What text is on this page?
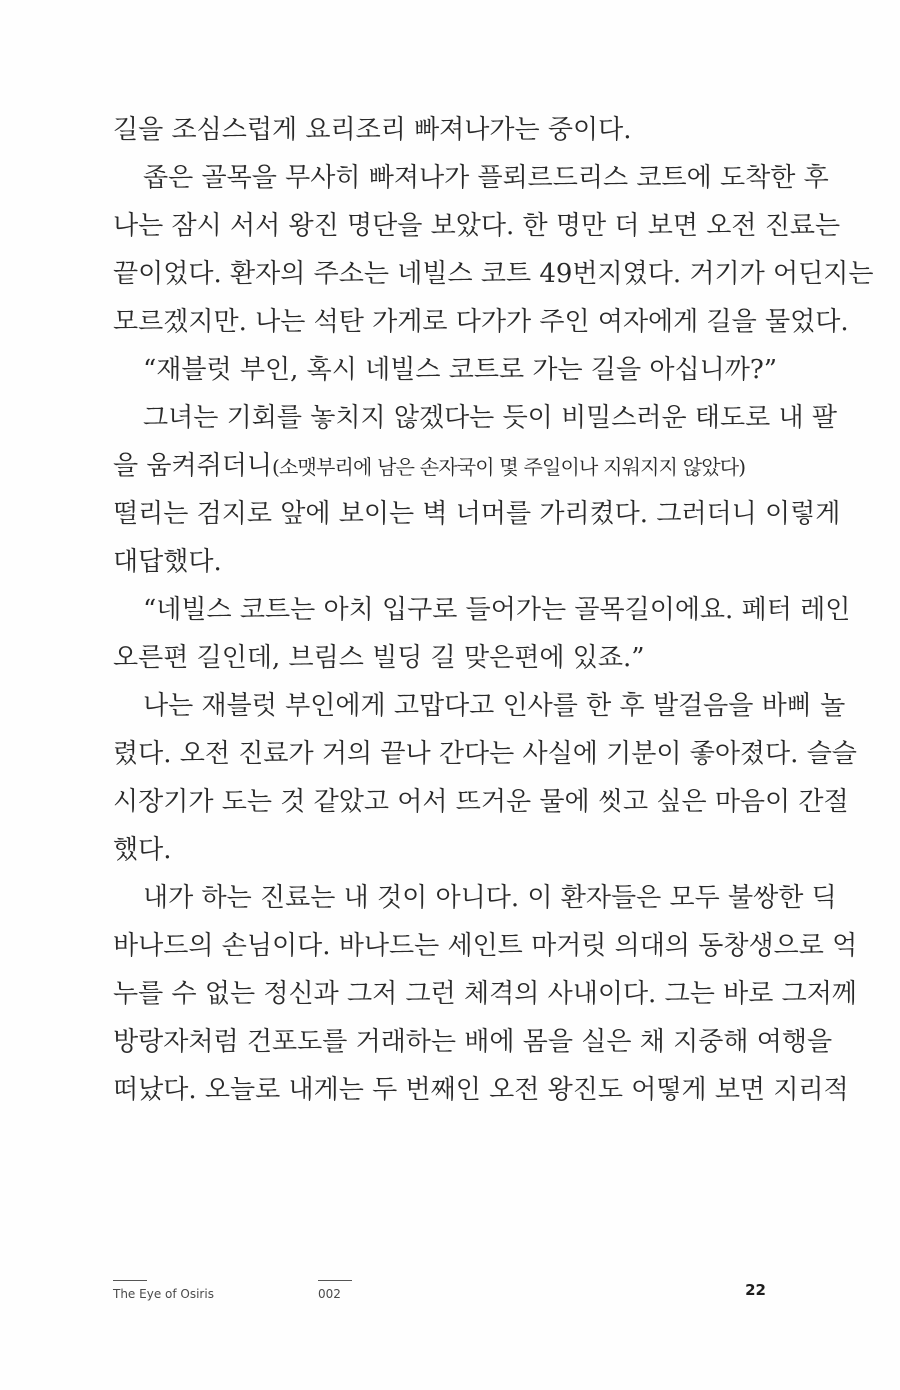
길을 조심스럽게 요리조리 빠져나가는 중이다.
좁은 골목을 무사히 빠져나가 플뢰르드리스 코트에 도착한 후
나는 잠시 서서 왕진 명단을 보았다. 한 명만 더 보면 오전 진료는
끝이었다. 환자의 주소는 네빌스 코트 49번지였다. 거기가 어딘지는
모르겠지만. 나는 석탄 가게로 다가가 주인 여자에게 길을 물었다.
“재블럿 부인, 혹시 네빌스 코트로 가는 길을 아십니까?”
그녀는 기회를 놓치지 않겠다는 듯이 비밀스러운 태도로 내 팔
을 움켜쥐더니(소맷부리에 남은 손자국이 몇 주일이나 지워지지 않았다)
떨리는 검지로 앞에 보이는 벽 너머를 가리켰다. 그러더니 이렇게
대답했다.
“네빌스 코트는 아치 입구로 들어가는 골목길이에요. 페터 레인
오른편 길인데, 브림스 빌딩 길 맞은편에 있죠.”
나는 재블럿 부인에게 고맙다고 인사를 한 후 발걸음을 바삐 놀
렸다. 오전 진료가 거의 끝나 간다는 사실에 기분이 좋아졌다. 슬슬
시장기가 도는 것 같았고 어서 뜨거운 물에 씻고 싶은 마음이 간절
했다.
내가 하는 진료는 내 것이 아니다. 이 환자들은 모두 불쌍한 딕
바나드의 손님이다. 바나드는 세인트 마거릿 의대의 동창생으로 억
누를 수 없는 정신과 그저 그런 체격의 사내이다. 그는 바로 그저께
방랑자처럼 건포도를 거래하는 배에 몸을 실은 채 지중해 여행을
떠났다. 오늘로 내게는 두 번째인 오전 왕진도 어떻게 보면 지리적
The Eye of Osiris	002	22
